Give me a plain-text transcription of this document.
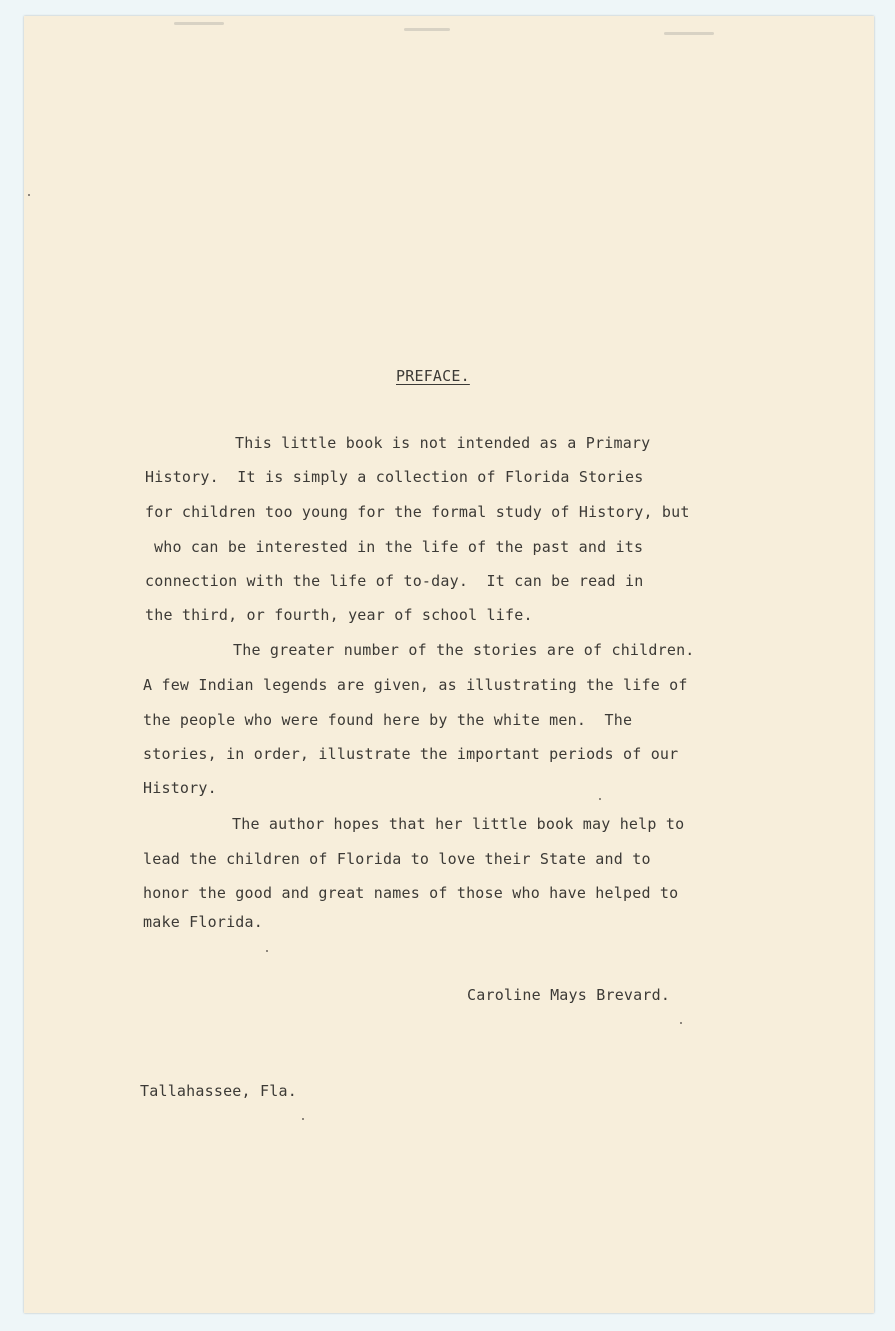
PREFACE.
This little book is not intended as a Primary
History.  It is simply a collection of Florida Stories
for children too young for the formal study of History, but
who can be interested in the life of the past and its
connection with the life of to-day.  It can be read in
the third, or fourth, year of school life.
The greater number of the stories are of children.
A few Indian legends are given, as illustrating the life of
the people who were found here by the white men.  The
stories, in order, illustrate the important periods of our
History.
The author hopes that her little book may help to
lead the children of Florida to love their State and to
honor the good and great names of those who have helped to
make Florida.
Caroline Mays Brevard.
Tallahassee, Fla.
